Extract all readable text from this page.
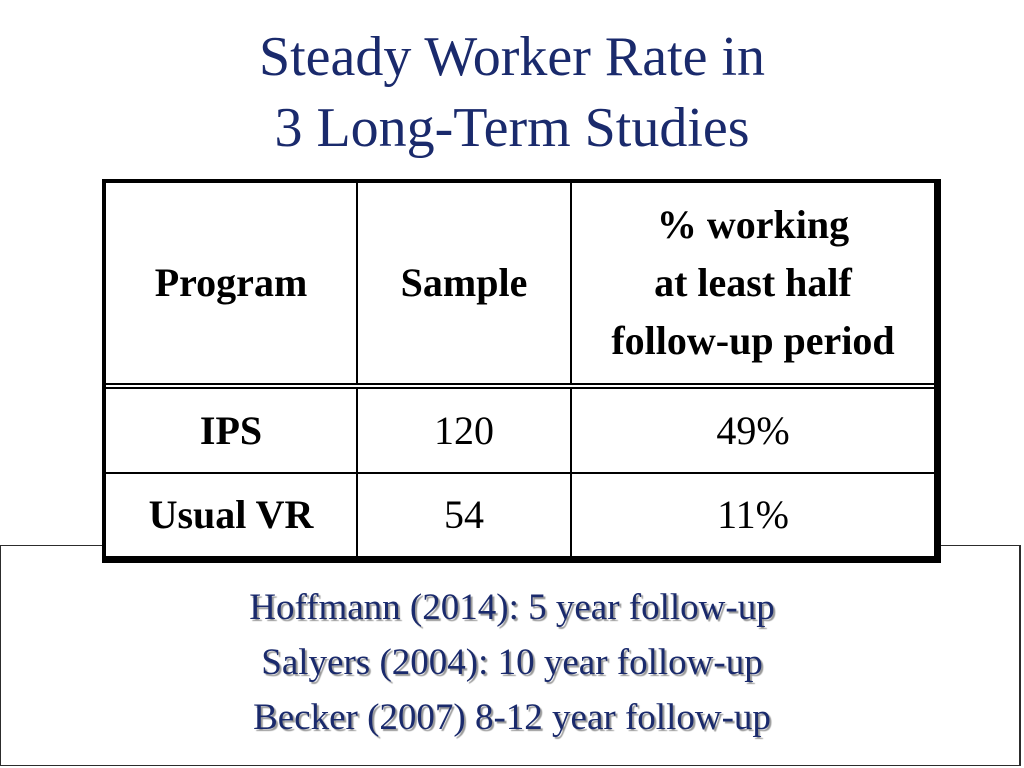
Steady Worker Rate in
3 Long-Term Studies
Hoffmann (2014): 5 year follow-up
Salyers (2004): 10 year follow-up
Becker (2007) 8-12 year follow-up
Program	Sample	% working
at least half
follow-up period

IPS	120	49%
Usual VR	54	11%
